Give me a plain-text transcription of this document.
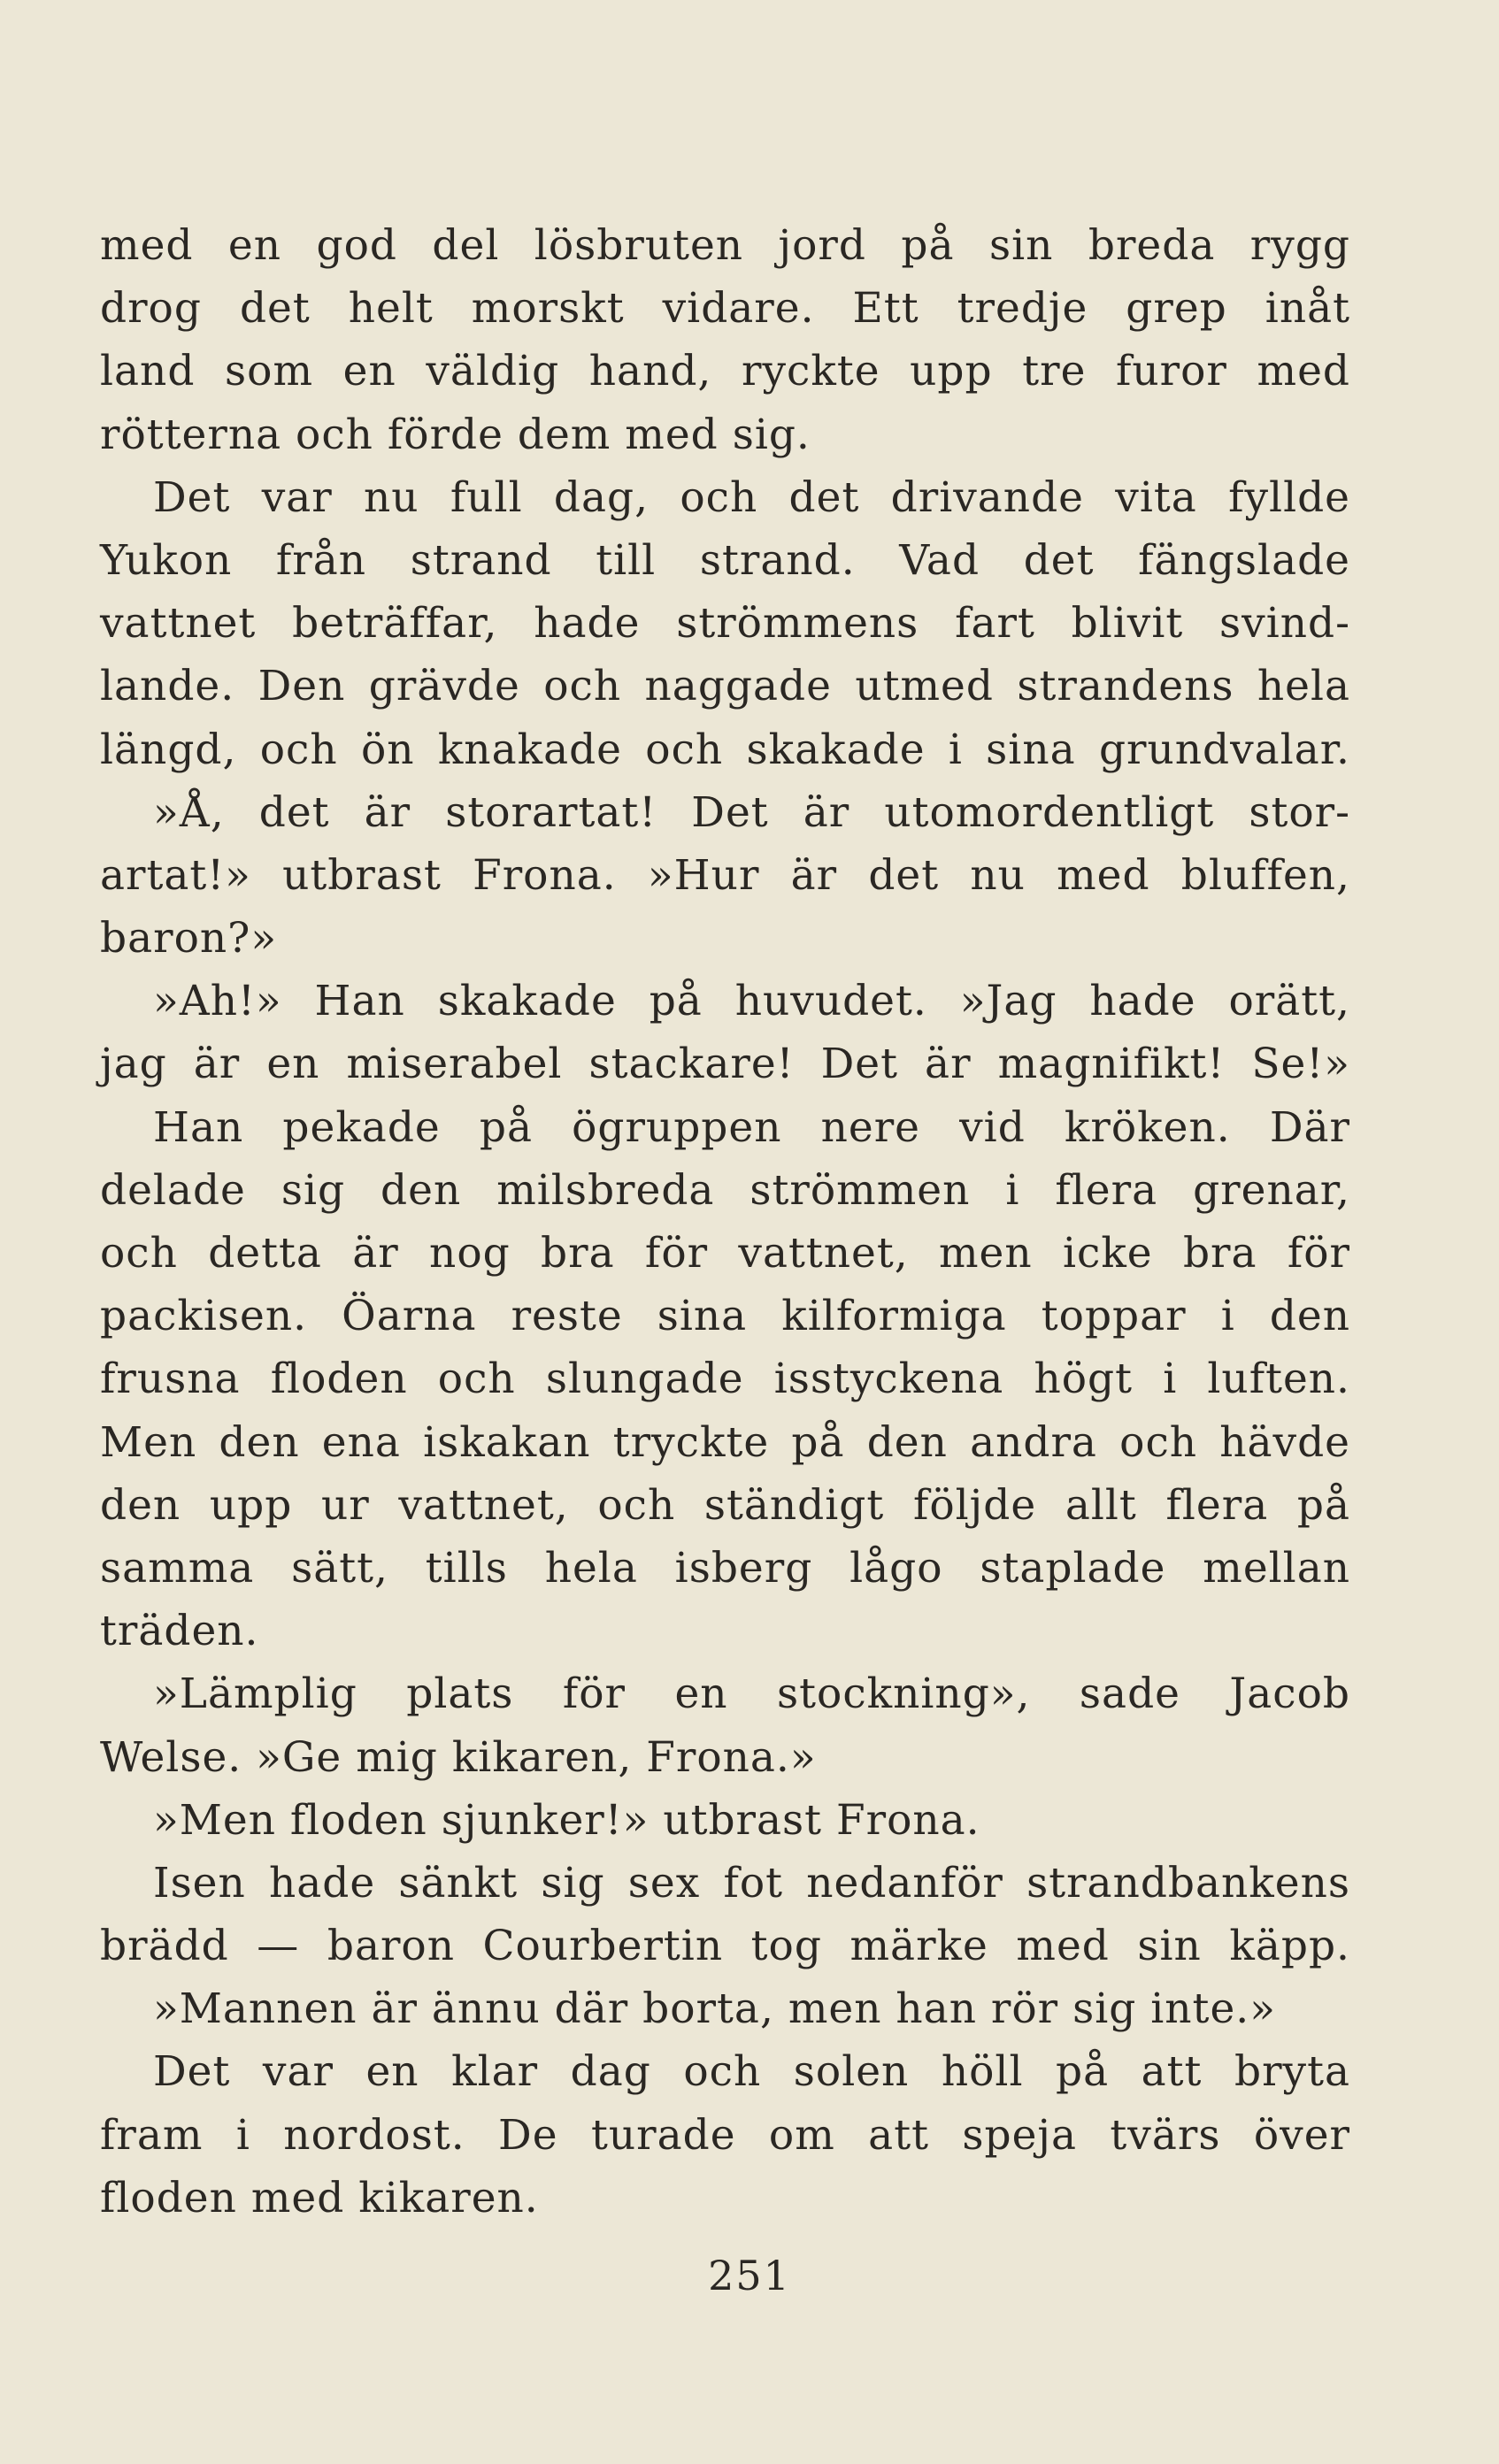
med en god del lösbruten jord på sin breda rygg
drog det helt morskt vidare. Ett tredje grep inåt
land som en väldig hand, ryckte upp tre furor med
rötterna och förde dem med sig.
Det var nu full dag, och det drivande vita fyllde
Yukon från strand till strand. Vad det fängslade
vattnet beträffar, hade strömmens fart blivit svind-
lande. Den grävde och naggade utmed strandens hela
längd, och ön knakade och skakade i sina grundvalar.
»Å, det är storartat! Det är utomordentligt stor-
artat!» utbrast Frona. »Hur är det nu med bluffen,
baron?»
»Ah!» Han skakade på huvudet. »Jag hade orätt,
jag är en miserabel stackare! Det är magnifikt! Se!»
Han pekade på ögruppen nere vid kröken. Där
delade sig den milsbreda strömmen i flera grenar,
och detta är nog bra för vattnet, men icke bra för
packisen. Öarna reste sina kilformiga toppar i den
frusna floden och slungade isstyckena högt i luften.
Men den ena iskakan tryckte på den andra och hävde
den upp ur vattnet, och ständigt följde allt flera på
samma sätt, tills hela isberg lågo staplade mellan
träden.
»Lämplig plats för en stockning», sade Jacob
Welse. »Ge mig kikaren, Frona.»
»Men floden sjunker!» utbrast Frona.
Isen hade sänkt sig sex fot nedanför strandbankens
brädd — baron Courbertin tog märke med sin käpp.
»Mannen är ännu där borta, men han rör sig inte.»
Det var en klar dag och solen höll på att bryta
fram i nordost. De turade om att speja tvärs över
floden med kikaren.
251
